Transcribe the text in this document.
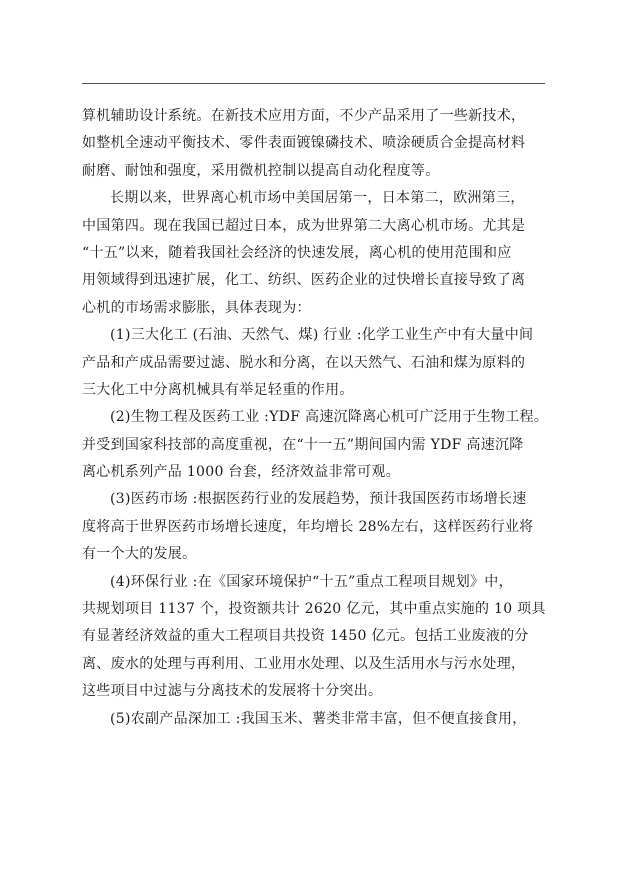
算机辅助设计系统。在新技术应用方面，不少产品采用了一些新技术，
如整机全速动平衡技术、零件表面镀镍磷技术、喷涂硬质合金提高材料
耐磨、耐蚀和强度，采用微机控制以提高自动化程度等。
长期以来，世界离心机市场中美国居第一，日本第二，欧洲第三，
中国第四。现在我国已超过日本，成为世界第二大离心机市场。尤其是
“十五”以来，随着我国社会经济的快速发展，离心机的使用范围和应
用领域得到迅速扩展，化工、纺织、医药企业的过快增长直接导致了离
心机的市场需求膨胀，具体表现为：
(1)三大化工 (石油、天然气、煤) 行业 :化学工业生产中有大量中间
产品和产成品需要过滤、脱水和分离，在以天然气、石油和煤为原料的
三大化工中分离机械具有举足轻重的作用。
(2)生物工程及医药工业 :YDF 高速沉降离心机可广泛用于生物工程。
并受到国家科技部的高度重视，在“十一五”期间国内需 YDF 高速沉降
离心机系列产品 1000 台套，经济效益非常可观。
(3)医药市场 :根据医药行业的发展趋势，预计我国医药市场增长速
度将高于世界医药市场增长速度，年均增长 28%左右，这样医药行业将
有一个大的发展。
(4)环保行业 :在《国家环境保护“十五”重点工程项目规划》中，
共规划项目 1137 个，投资额共计 2620 亿元，其中重点实施的 10 项具
有显著经济效益的重大工程项目共投资 1450 亿元。包括工业废液的分
离、废水的处理与再利用、工业用水处理、以及生活用水与污水处理，
这些项目中过滤与分离技术的发展将十分突出。
(5)农副产品深加工 :我国玉米、薯类非常丰富，但不便直接食用，
